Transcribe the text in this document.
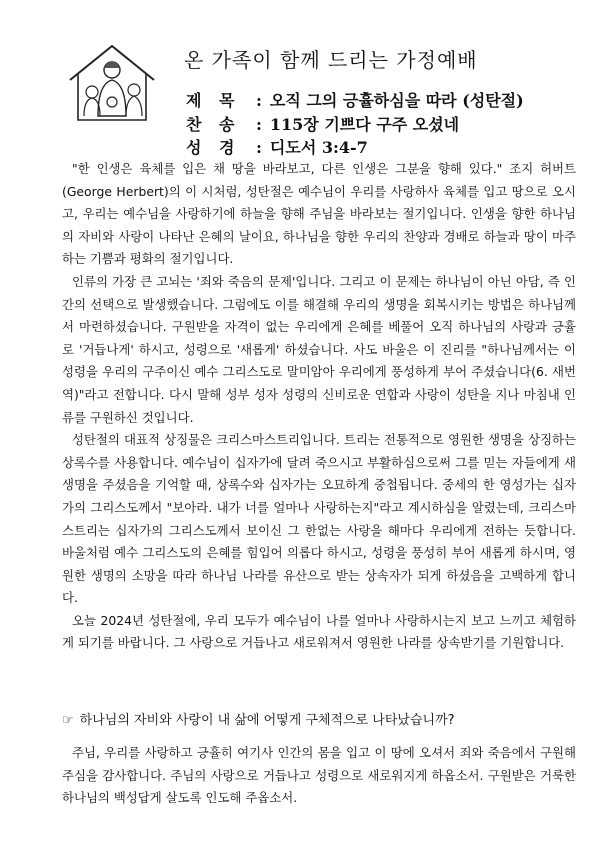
온 가족이 함께 드리는 가정예배
제 목 : 오직 그의 긍휼하심을 따라 (성탄절)
찬 송 : 115장 기쁘다 구주 오셨네
성 경 : 디도서 3:4-7

"한 인생은 육체를 입은 채 땅을 바라보고, 다른 인생은 그분을 향해 있다." 조지 허버트(George Herbert)의 이 시처럼, 성탄절은 예수님이 우리를 사랑하사 육체를 입고 땅으로 오시고, 우리는 예수님을 사랑하기에 하늘을 향해 주님을 바라보는 절기입니다. 인생을 향한 하나님의 자비와 사랑이 나타난 은혜의 날이요, 하나님을 향한 우리의 찬양과 경배로 하늘과 땅이 마주하는 기쁨과 평화의 절기입니다.

인류의 가장 큰 고뇌는 '죄와 죽음의 문제'입니다. 그리고 이 문제는 하나님이 아닌 아담, 즉 인간의 선택으로 발생했습니다. 그럼에도 이를 해결해 우리의 생명을 회복시키는 방법은 하나님께서 마련하셨습니다. 구원받을 자격이 없는 우리에게 은혜를 베풀어 오직 하나님의 사랑과 긍휼로 '거듭나게' 하시고, 성령으로 '새롭게' 하셨습니다. 사도 바울은 이 진리를 "하나님께서는 이 성령을 우리의 구주이신 예수 그리스도로 말미암아 우리에게 풍성하게 부어 주셨습니다(6. 새번역)"라고 전합니다. 다시 말해 성부 성자 성령의 신비로운 연합과 사랑이 성탄을 지나 마침내 인류를 구원하신 것입니다.

성탄절의 대표적 상징물은 크리스마스트리입니다. 트리는 전통적으로 영원한 생명을 상징하는 상록수를 사용합니다. 예수님이 십자가에 달려 죽으시고 부활하심으로써 그를 믿는 자들에게 새 생명을 주셨음을 기억할 때, 상록수와 십자가는 오묘하게 중첩됩니다. 중세의 한 영성가는 십자가의 그리스도께서 "보아라. 내가 너를 얼마나 사랑하는지"라고 계시하심을 알렸는데, 크리스마스트리는 십자가의 그리스도께서 보이신 그 한없는 사랑을 해마다 우리에게 전하는 듯합니다. 바울처럼 예수 그리스도의 은혜를 힘입어 의롭다 하시고, 성령을 풍성히 부어 새롭게 하시며, 영원한 생명의 소망을 따라 하나님 나라를 유산으로 받는 상속자가 되게 하셨음을 고백하게 합니다.

오늘 2024년 성탄절에, 우리 모두가 예수님이 나를 얼마나 사랑하시는지 보고 느끼고 체험하게 되기를 바랍니다. 그 사랑으로 거듭나고 새로워져서 영원한 나라를 상속받기를 기원합니다.

☞ 하나님의 자비와 사랑이 내 삶에 어떻게 구체적으로 나타났습니까?

주님, 우리를 사랑하고 긍휼히 여기사 인간의 몸을 입고 이 땅에 오셔서 죄와 죽음에서 구원해 주심을 감사합니다. 주님의 사랑으로 거듭나고 성령으로 새로워지게 하옵소서. 구원받은 거룩한 하나님의 백성답게 살도록 인도해 주옵소서.
